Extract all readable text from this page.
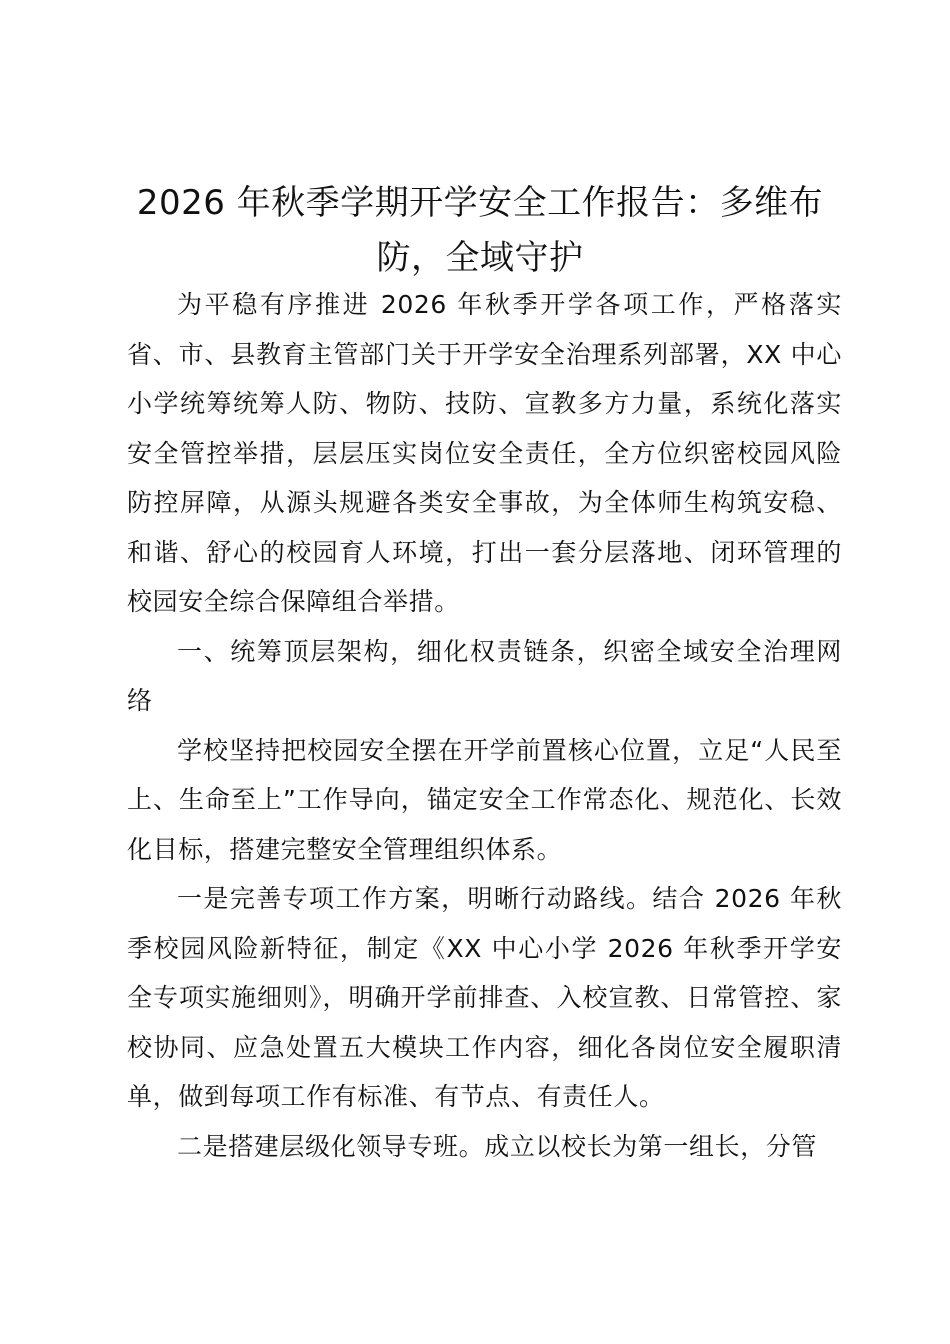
2026 年秋季学期开学安全工作报告：多维布防，全域守护

为平稳有序推进 2026 年秋季开学各项工作，严格落实省、市、县教育主管部门关于开学安全治理系列部署，XX 中心小学统筹统筹人防、物防、技防、宣教多方力量，系统化落实安全管控举措，层层压实岗位安全责任，全方位织密校园风险防控屏障，从源头规避各类安全事故，为全体师生构筑安稳、和谐、舒心的校园育人环境，打出一套分层落地、闭环管理的校园安全综合保障组合举措。

一、统筹顶层架构，细化权责链条，织密全域安全治理网络

学校坚持把校园安全摆在开学前置核心位置，立足“人民至上、生命至上”工作导向，锚定安全工作常态化、规范化、长效化目标，搭建完整安全管理组织体系。

一是完善专项工作方案，明晰行动路线。结合 2026 年秋季校园风险新特征，制定《XX 中心小学 2026 年秋季开学安全专项实施细则》，明确开学前排查、入校宣教、日常管控、家校协同、应急处置五大模块工作内容，细化各岗位安全履职清单，做到每项工作有标准、有节点、有责任人。

二是搭建层级化领导专班。成立以校长为第一组长，分管
